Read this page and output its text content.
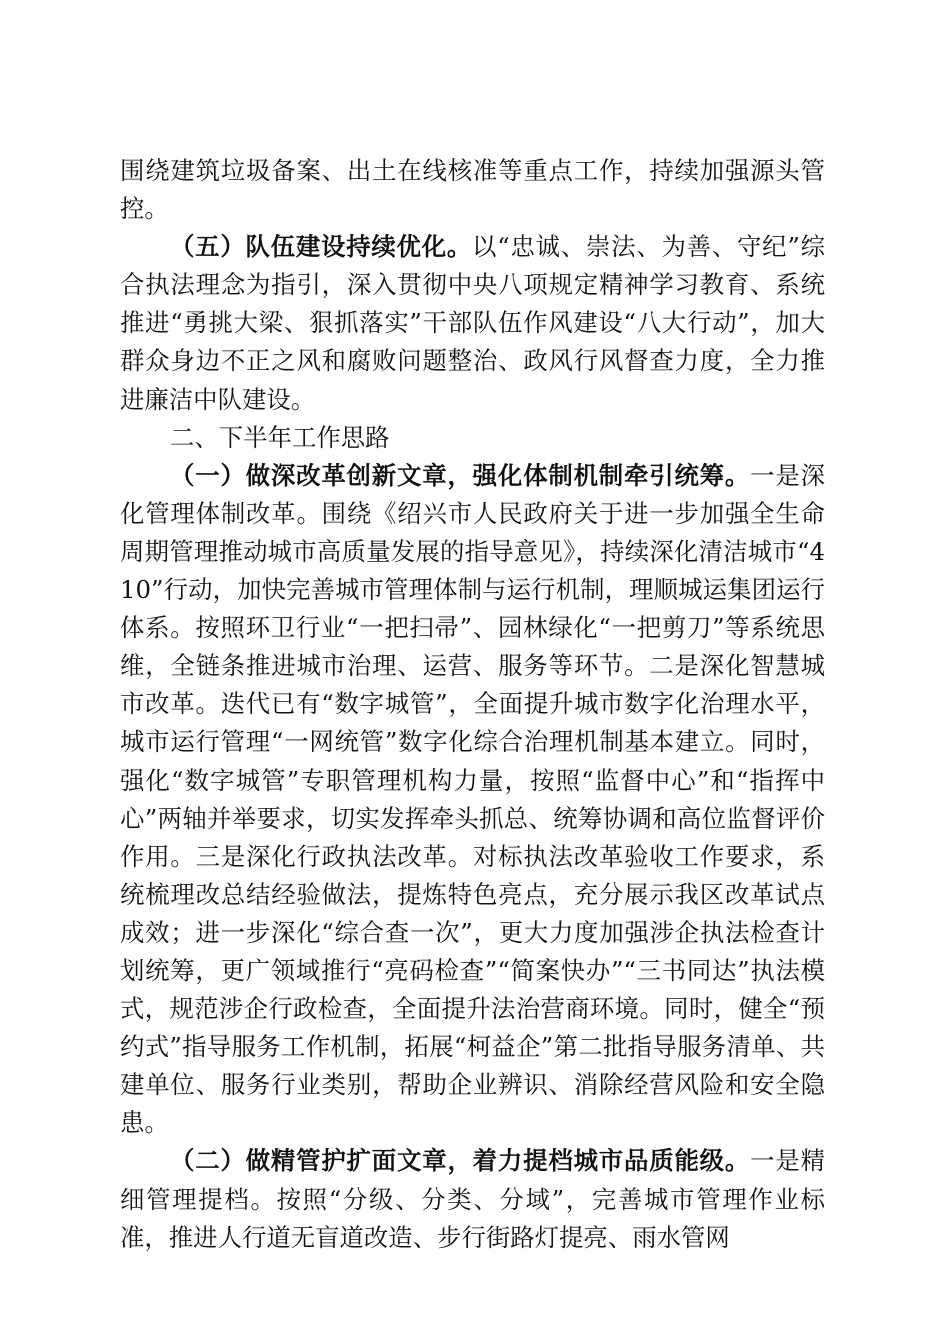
围绕建筑垃圾备案、出土在线核准等重点工作，持续加强源头管控。

（五）队伍建设持续优化。以“忠诚、崇法、为善、守纪”综合执法理念为指引，深入贯彻中央八项规定精神学习教育、系统推进“勇挑大梁、狠抓落实”干部队伍作风建设“八大行动”，加大群众身边不正之风和腐败问题整治、政风行风督查力度，全力推进廉洁中队建设。

二、下半年工作思路

（一）做深改革创新文章，强化体制机制牵引统筹。一是深化管理体制改革。围绕《绍兴市人民政府关于进一步加强全生命周期管理推动城市高质量发展的指导意见》，持续深化清洁城市“410”行动，加快完善城市管理体制与运行机制，理顺城运集团运行体系。按照环卫行业“一把扫帚”、园林绿化“一把剪刀”等系统思维，全链条推进城市治理、运营、服务等环节。二是深化智慧城市改革。迭代已有“数字城管”，全面提升城市数字化治理水平，城市运行管理“一网统管”数字化综合治理机制基本建立。同时，强化“数字城管”专职管理机构力量，按照“监督中心”和“指挥中心”两轴并举要求，切实发挥牵头抓总、统筹协调和高位监督评价作用。三是深化行政执法改革。对标执法改革验收工作要求，系统梳理改总结经验做法，提炼特色亮点，充分展示我区改革试点成效；进一步深化“综合查一次”，更大力度加强涉企执法检查计划统筹，更广领域推行“亮码检查”“简案快办”“三书同达”执法模式，规范涉企行政检查，全面提升法治营商环境。同时，健全“预约式”指导服务工作机制，拓展“柯益企”第二批指导服务清单、共建单位、服务行业类别，帮助企业辨识、消除经营风险和安全隐患。

（二）做精管护扩面文章，着力提档城市品质能级。一是精细管理提档。按照“分级、分类、分域”，完善城市管理作业标准，推进人行道无盲道改造、步行街路灯提亮、雨水管网
